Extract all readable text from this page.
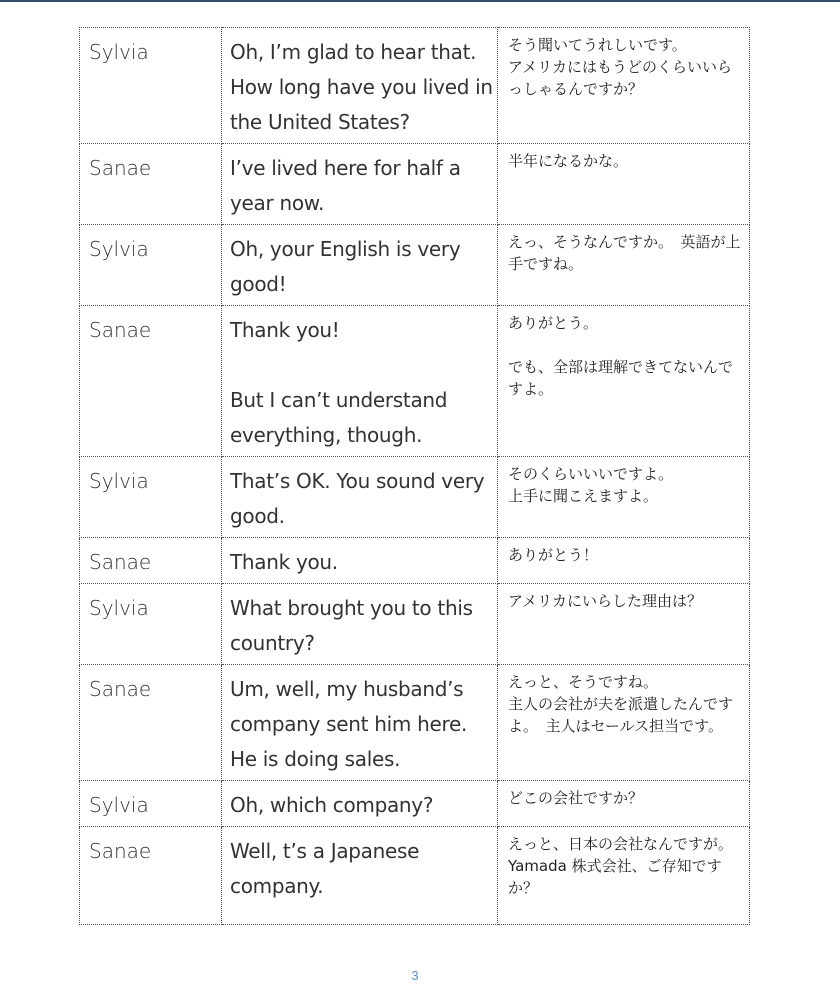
Sylvia	Oh, I’m glad to hear that. How long have you lived in the United States?	そう聞いてうれしいです。
アメリカにはもうどのくらいいらっしゃるんですか？

Sanae	I’ve lived here for half a year now.	半年になるかな。

Sylvia	Oh, your English is very good!	えっ、そうなんですか。　英語が上手ですね。

Sanae	Thank you!
But I can’t understand everything, though.	ありがとう。
でも、全部は理解できてないんですよ。

Sylvia	That’s OK. You sound very good.	そのくらいいいですよ。
上手に聞こえますよ。

Sanae	Thank you.	ありがとう！

Sylvia	What brought you to this country?	アメリカにいらした理由は？

Sanae	Um, well, my husband’s company sent him here. He is doing sales.	えっと、そうですね。
主人の会社が夫を派遣したんですよ。　主人はセールス担当です。

Sylvia	Oh, which company?	どこの会社ですか？

Sanae	Well, t’s a Japanese company.	えっと、日本の会社なんですが。
Yamada 株式会社、ご存知ですか？
3
